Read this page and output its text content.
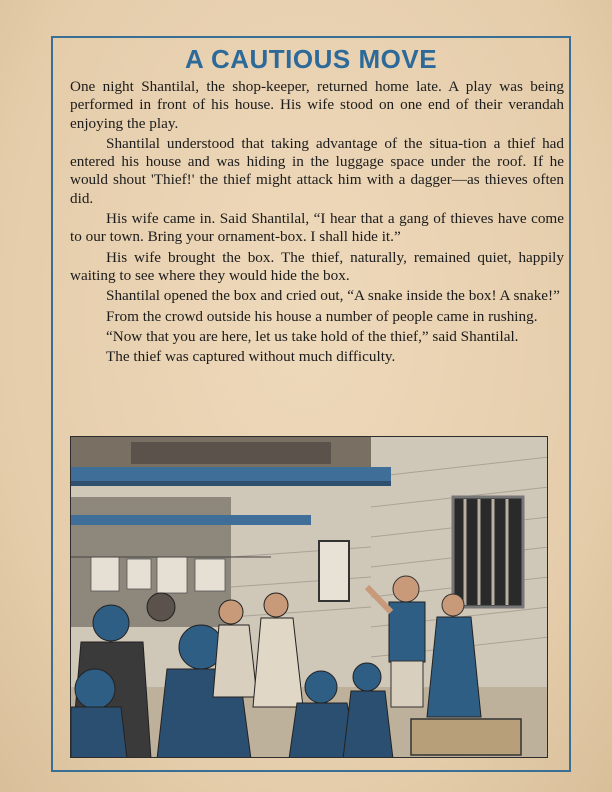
A CAUTIOUS MOVE

One night Shantilal, the shop-keeper, returned home late. A play was being performed in front of his house. His wife stood on one end of their verandah enjoying the play.

Shantilal understood that taking advantage of the situa-tion a thief had entered his house and was hiding in the luggage space under the roof. If he would shout 'Thief!' the thief might attack him with a dagger—as thieves often did.

His wife came in. Said Shantilal, “I hear that a gang of thieves have come to our town. Bring your ornament-box. I shall hide it.”

His wife brought the box. The thief, naturally, remained quiet, happily waiting to see where they would hide the box.

Shantilal opened the box and cried out, “A snake inside the box! A snake!”

From the crowd outside his house a number of people came in rushing.

“Now that you are here, let us take hold of the thief,” said Shantilal.

The thief was captured without much difficulty.
